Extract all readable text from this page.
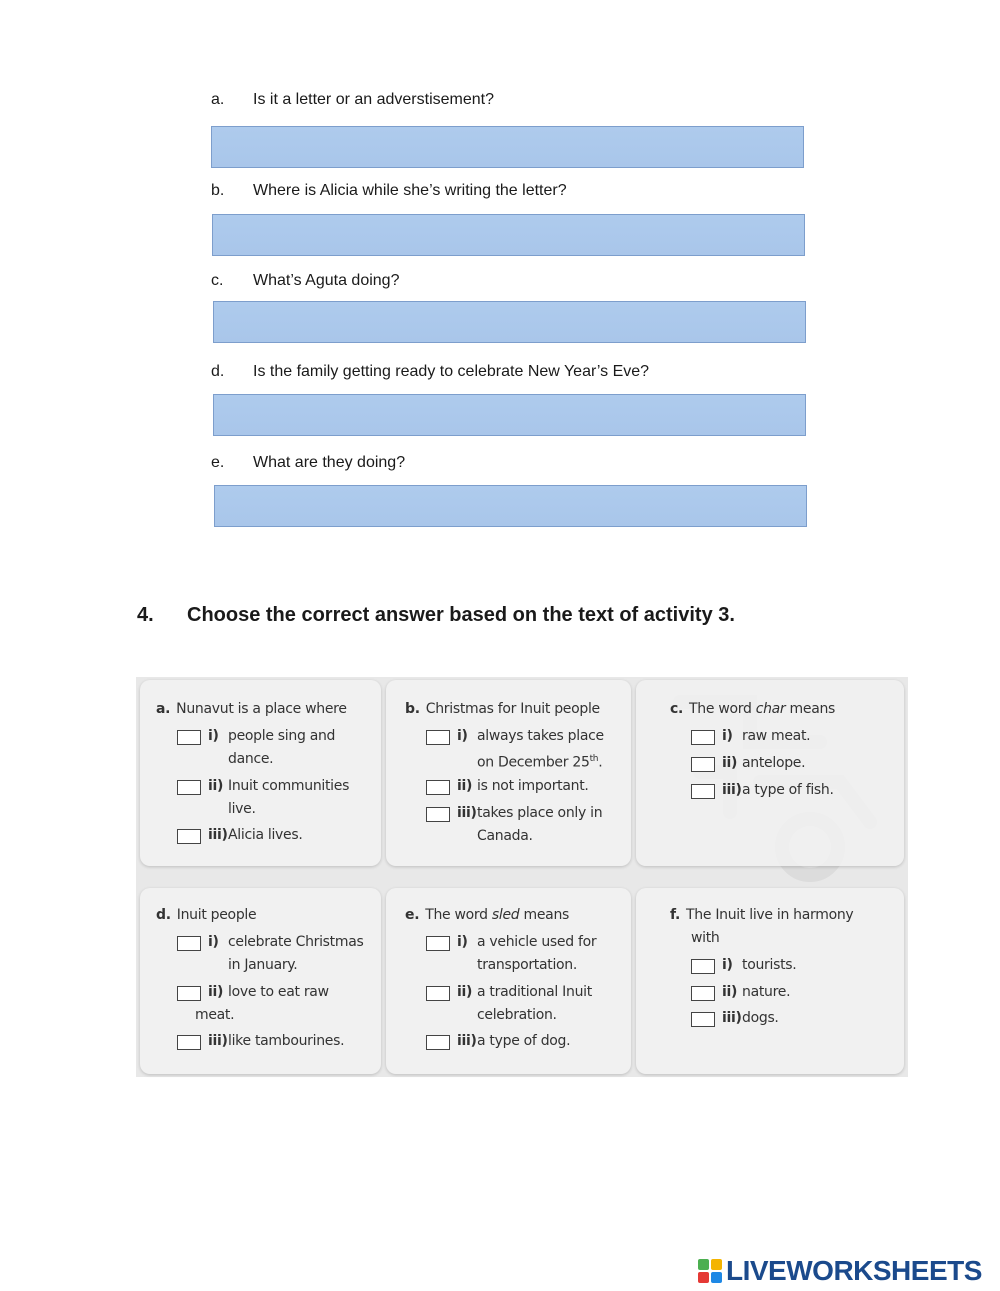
a. Is it a letter or an adverstisement?
b. Where is Alicia while she’s writing the letter?
c. What’s Aguta doing?
d. Is the family getting ready to celebrate New Year’s Eve?
e. What are they doing?
4. Choose the correct answer based on the text of activity 3.
a. Nunavut is a place where
i) people sing and
dance.
ii) Inuit communities
live.
iii) Alicia lives.
b. Christmas for Inuit people
i) always takes place
on December 25th.
ii) is not important.
iii) takes place only in
Canada.
c. The word char means
i) raw meat.
ii) antelope.
iii) a type of fish.
d. Inuit people
i) celebrate Christmas
in January.
ii) love to eat raw
meat.
iii) like tambourines.
e. The word sled means
i) a vehicle used for
transportation.
ii) a traditional Inuit
celebration.
iii) a type of dog.
f. The Inuit live in harmony
with
i) tourists.
ii) nature.
iii) dogs.
LIVEWORKSHEETS
